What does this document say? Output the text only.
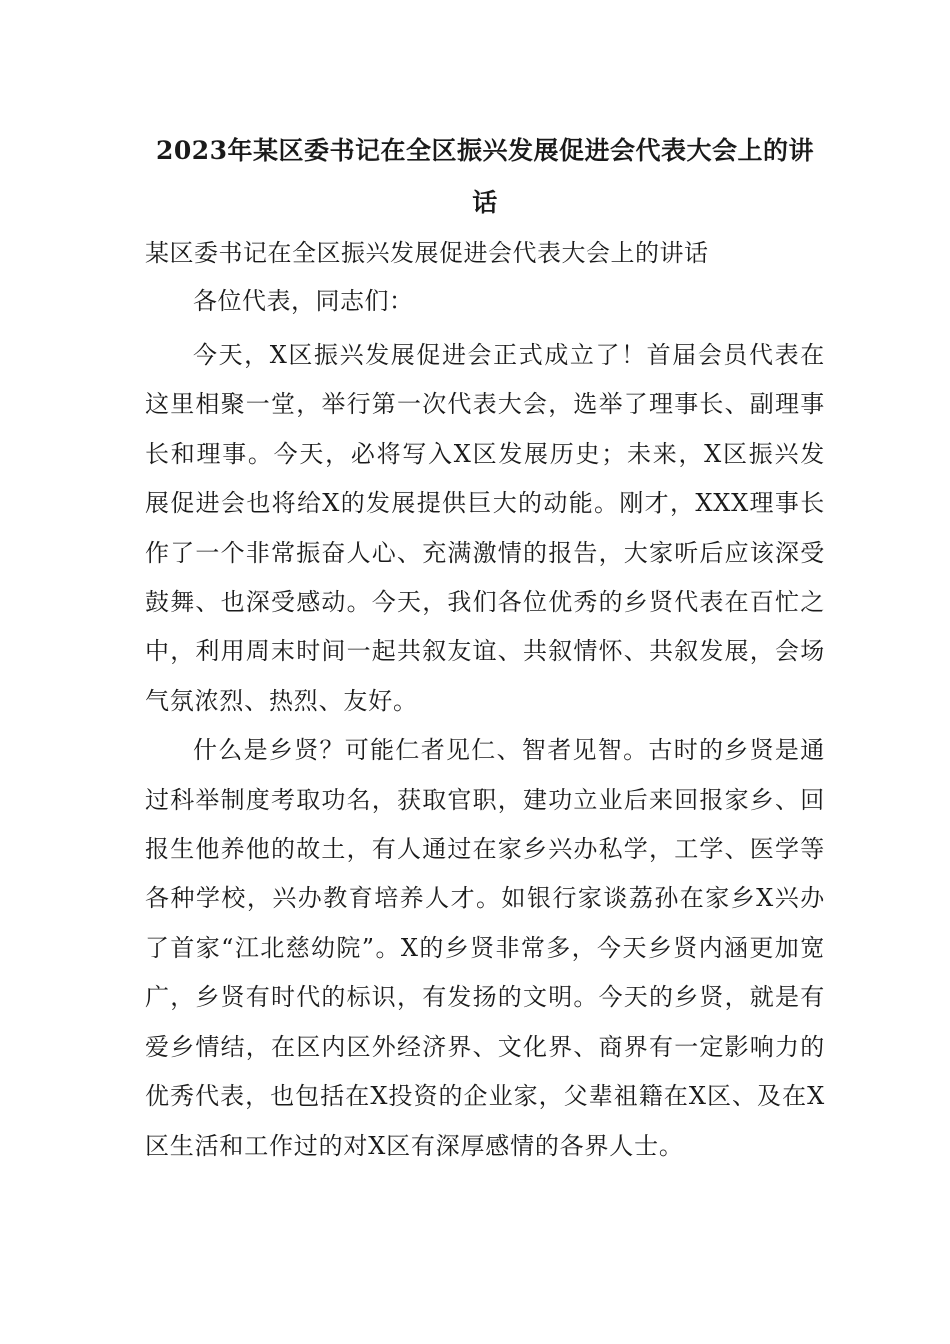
2023年某区委书记在全区振兴发展促进会代表大会上的讲话

某区委书记在全区振兴发展促进会代表大会上的讲话

各位代表，同志们：

今天，X区振兴发展促进会正式成立了！首届会员代表在这里相聚一堂，举行第一次代表大会，选举了理事长、副理事长和理事。今天，必将写入X区发展历史；未来，X区振兴发展促进会也将给X的发展提供巨大的动能。刚才，XXX理事长作了一个非常振奋人心、充满激情的报告，大家听后应该深受鼓舞、也深受感动。今天，我们各位优秀的乡贤代表在百忙之中，利用周末时间一起共叙友谊、共叙情怀、共叙发展，会场气氛浓烈、热烈、友好。

什么是乡贤？可能仁者见仁、智者见智。古时的乡贤是通过科举制度考取功名，获取官职，建功立业后来回报家乡、回报生他养他的故土，有人通过在家乡兴办私学，工学、医学等各种学校，兴办教育培养人才。如银行家谈荔孙在家乡X兴办了首家“江北慈幼院”。X的乡贤非常多，今天乡贤内涵更加宽广，乡贤有时代的标识，有发扬的文明。今天的乡贤，就是有爱乡情结，在区内区外经济界、文化界、商界有一定影响力的优秀代表，也包括在X投资的企业家，父辈祖籍在X区、及在X区生活和工作过的对X区有深厚感情的各界人士。
